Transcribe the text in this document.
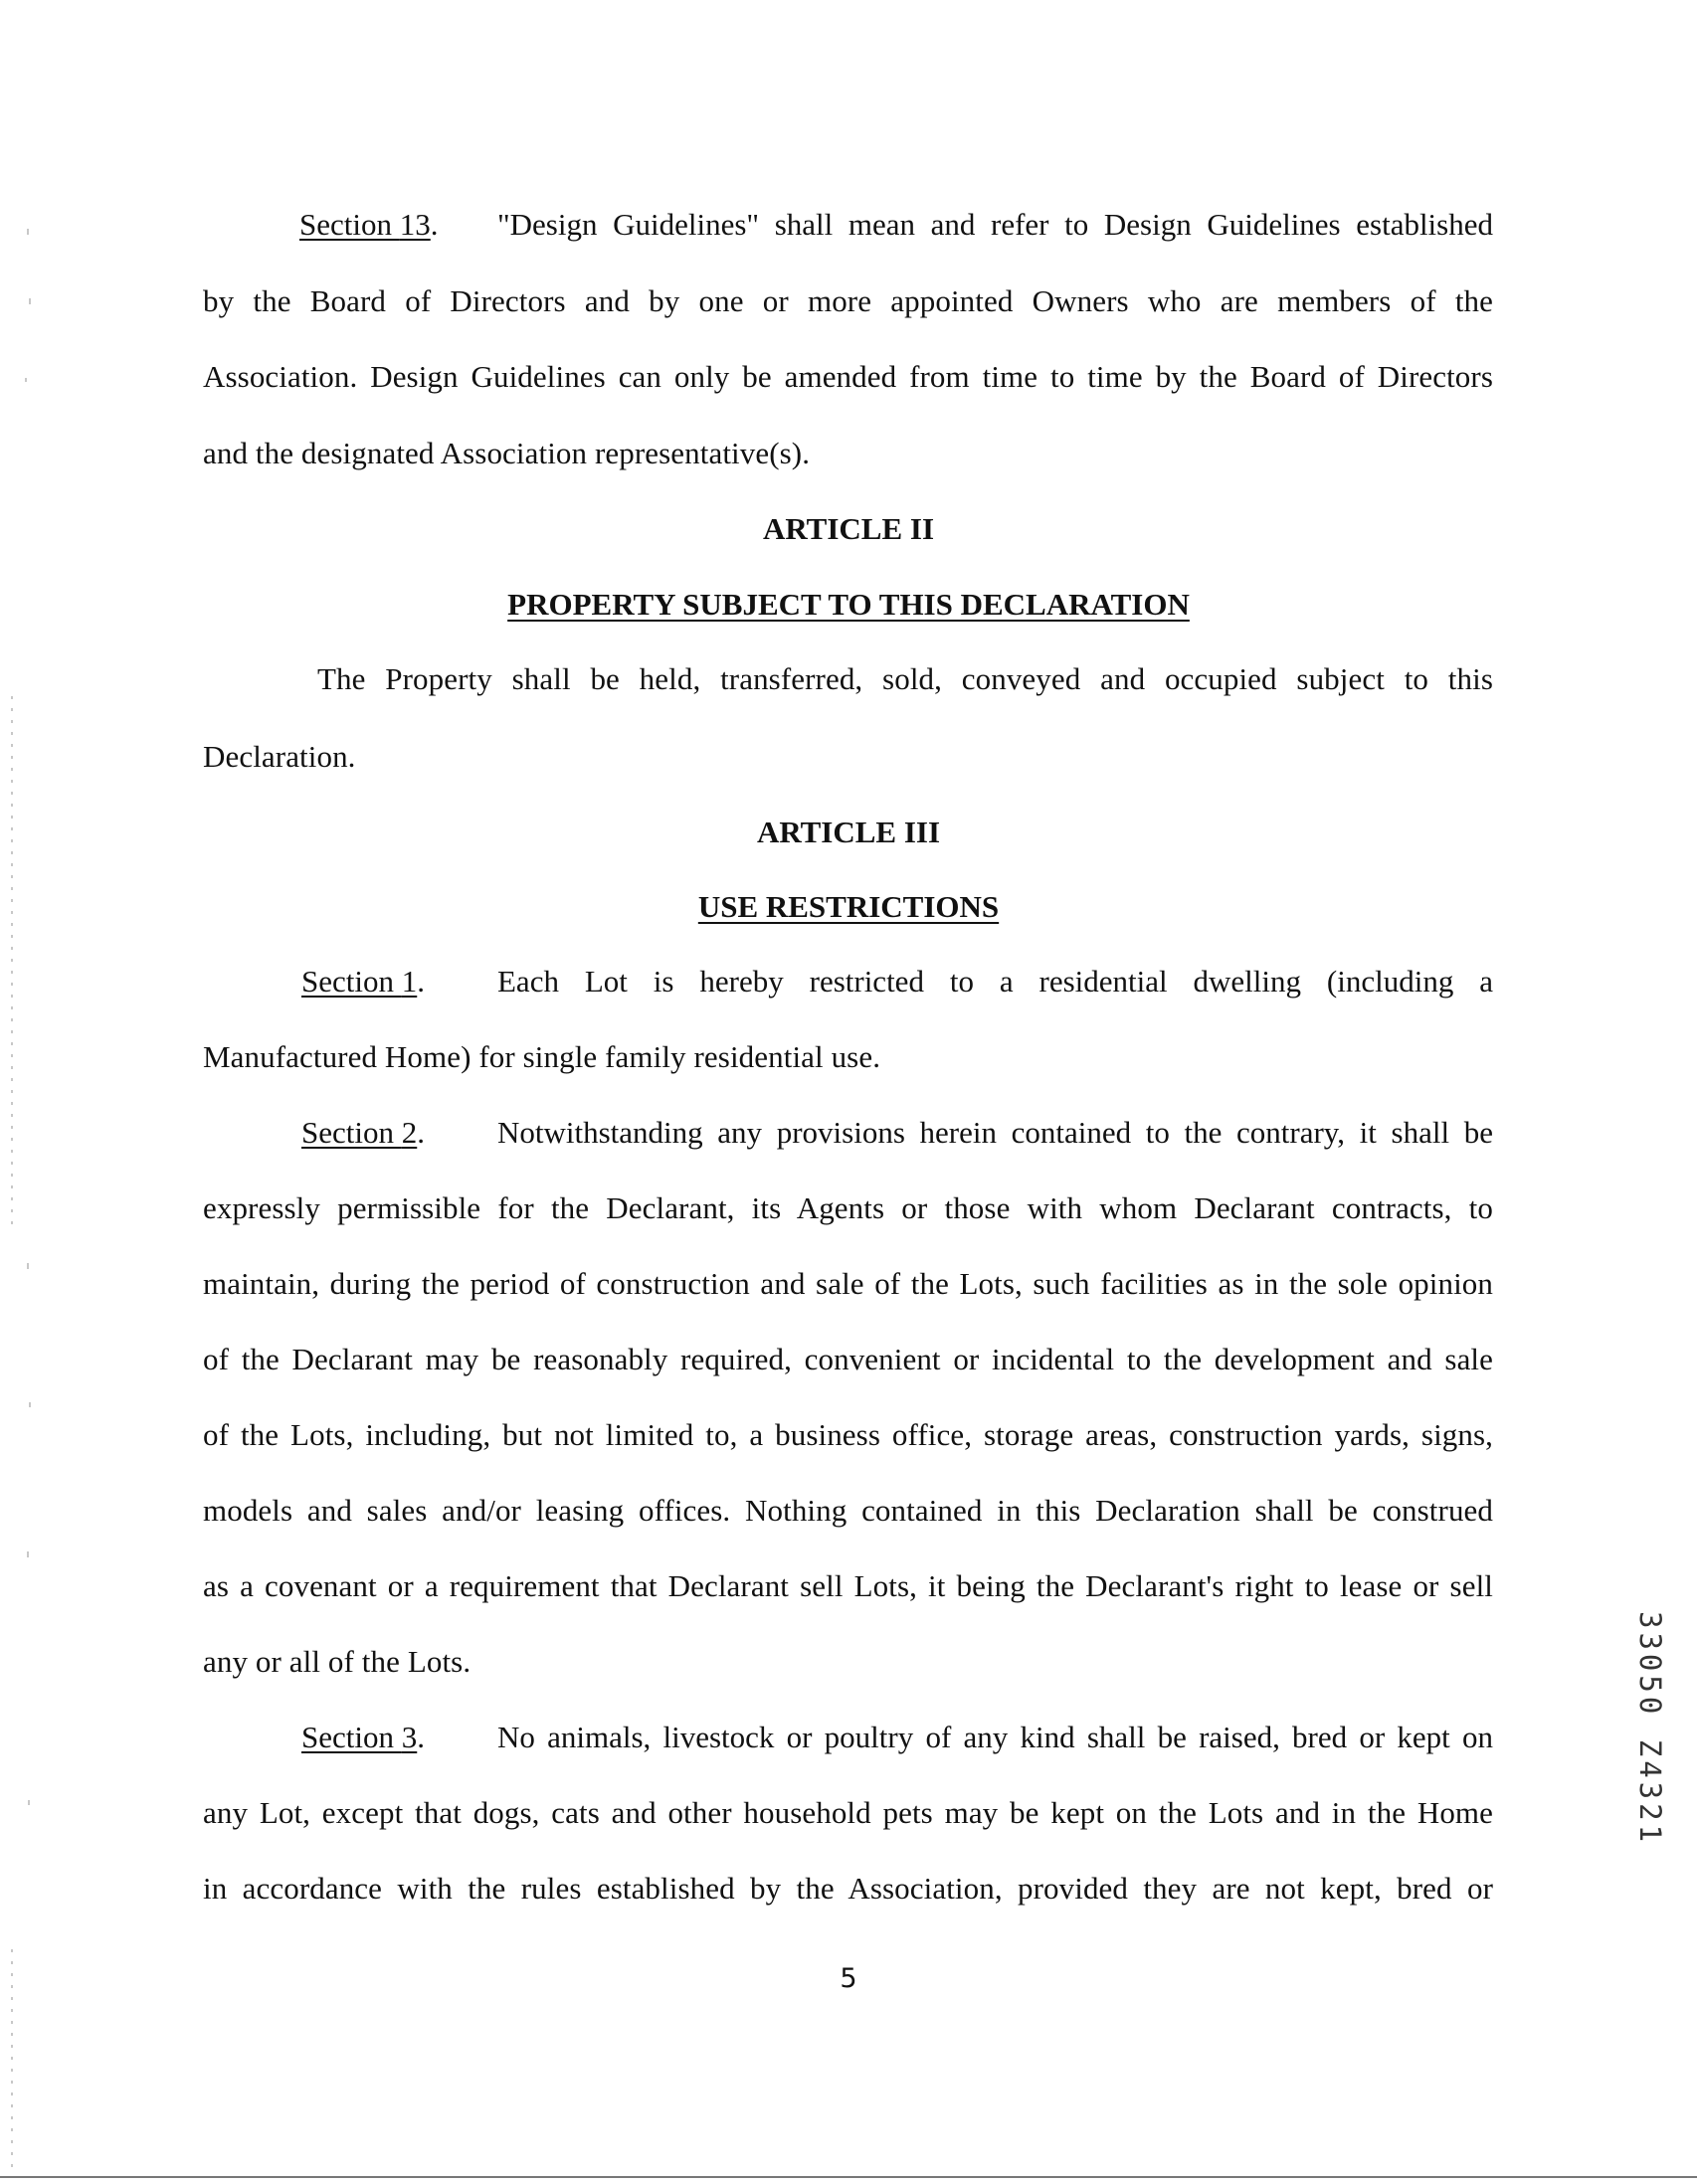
Section 13. "Design Guidelines" shall mean and refer to Design Guidelines established
by the Board of Directors and by one or more appointed Owners who are members of the
Association. Design Guidelines can only be amended from time to time by the Board of Directors
and the designated Association representative(s).
ARTICLE II
PROPERTY SUBJECT TO THIS DECLARATION
The Property shall be held, transferred, sold, conveyed and occupied subject to this
Declaration.
ARTICLE III
USE RESTRICTIONS
Section 1. Each Lot is hereby restricted to a residential dwelling (including a
Manufactured Home) for single family residential use.
Section 2. Notwithstanding any provisions herein contained to the contrary, it shall be
expressly permissible for the Declarant, its Agents or those with whom Declarant contracts, to
maintain, during the period of construction and sale of the Lots, such facilities as in the sole opinion
of the Declarant may be reasonably required, convenient or incidental to the development and sale
of the Lots, including, but not limited to, a business office, storage areas, construction yards, signs,
models and sales and/or leasing offices. Nothing contained in this Declaration shall be construed
as a covenant or a requirement that Declarant sell Lots, it being the Declarant's right to lease or sell
any or all of the Lots.
Section 3. No animals, livestock or poultry of any kind shall be raised, bred or kept on
any Lot, except that dogs, cats and other household pets may be kept on the Lots and in the Home
in accordance with the rules established by the Association, provided they are not kept, bred or
5
33050 Z4321
